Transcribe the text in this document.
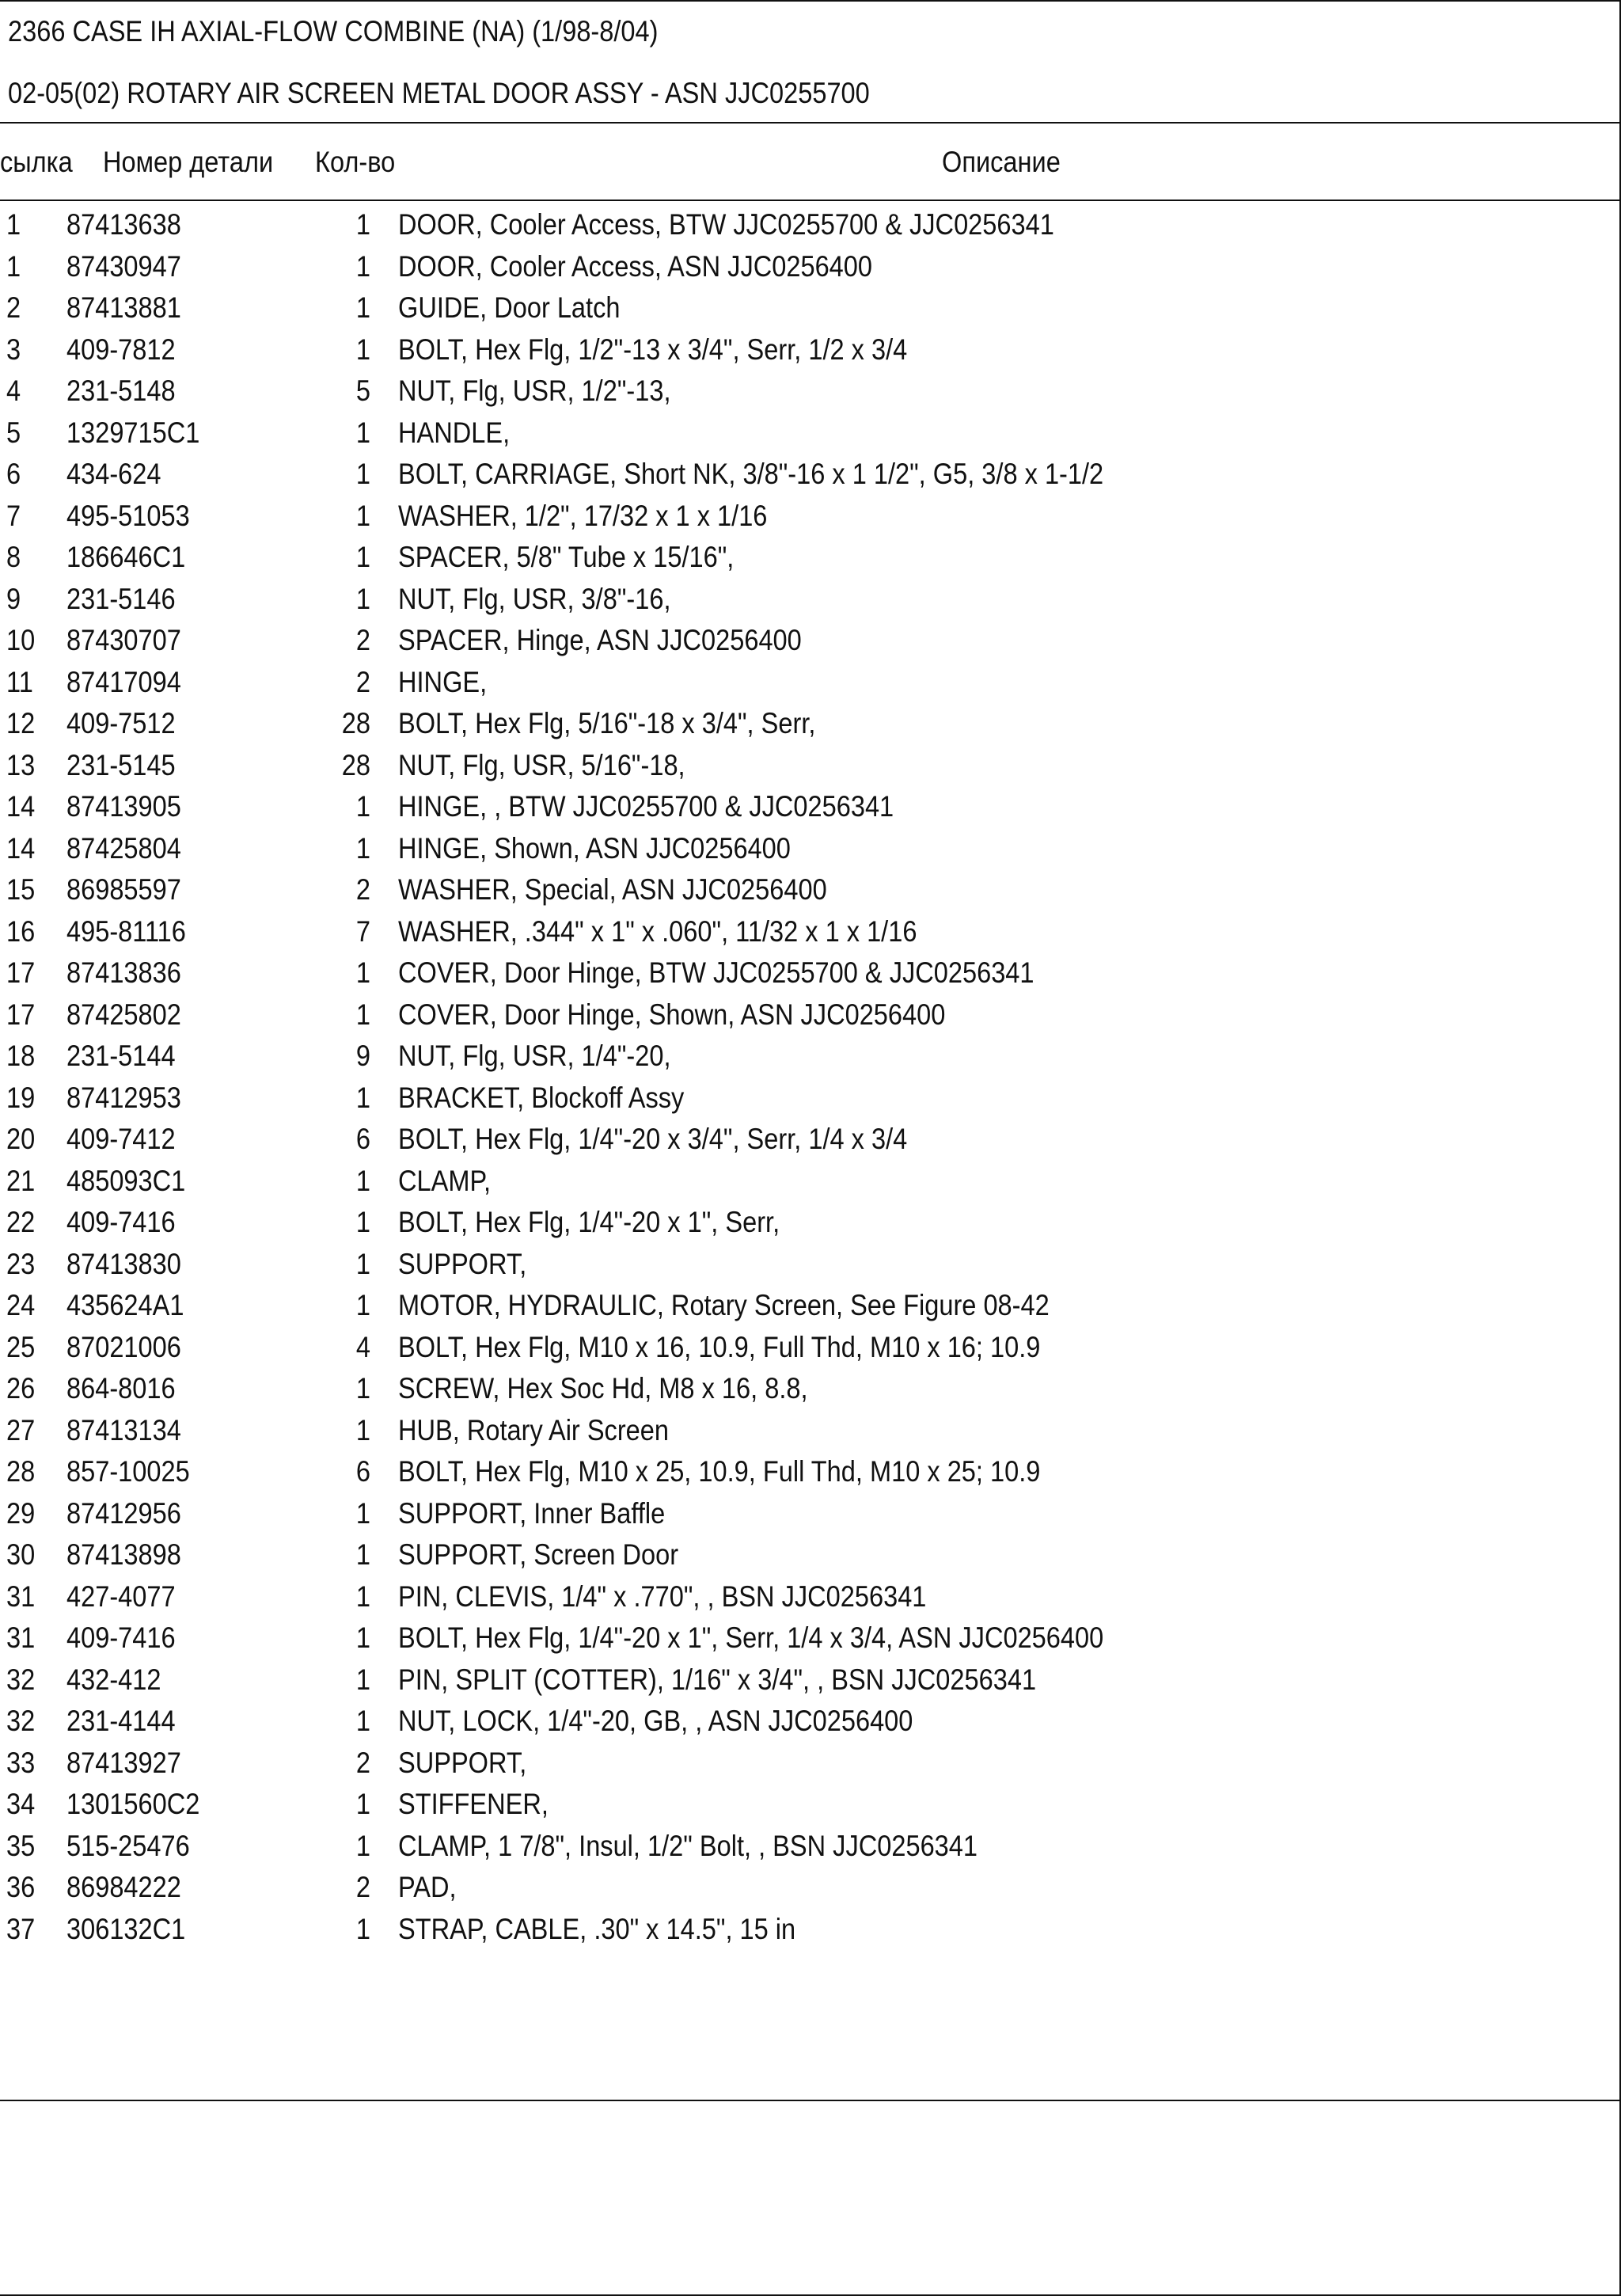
2366 CASE IH AXIAL-FLOW COMBINE (NA) (1/98-8/04)
02-05(02) ROTARY AIR SCREEN METAL DOOR ASSY - ASN JJC0255700
сылка Номер детали Кол-во	Описание
1 87413638	1 DOOR, Cooler Access, BTW JJC0255700 & JJC0256341
1 87430947	1 DOOR, Cooler Access, ASN JJC0256400
2 87413881	1 GUIDE, Door Latch
3 409-7812	1 BOLT, Hex Flg, 1/2"-13 x 3/4", Serr, 1/2 x 3/4
4 231-5148	5 NUT, Flg, USR, 1/2"-13,
5 1329715C1	1 HANDLE,
6 434-624	1 BOLT, CARRIAGE, Short NK, 3/8"-16 x 1 1/2", G5, 3/8 x 1-1/2
7 495-51053	1 WASHER, 1/2", 17/32 x 1 x 1/16
8 186646C1	1 SPACER, 5/8" Tube x 15/16",
9 231-5146	1 NUT, Flg, USR, 3/8"-16,
10 87430707	2 SPACER, Hinge, ASN JJC0256400
11 87417094	2 HINGE,
12 409-7512	28 BOLT, Hex Flg, 5/16"-18 x 3/4", Serr,
13 231-5145	28 NUT, Flg, USR, 5/16"-18,
14 87413905	1 HINGE, , BTW JJC0255700 & JJC0256341
14 87425804	1 HINGE, Shown, ASN JJC0256400
15 86985597	2 WASHER, Special, ASN JJC0256400
16 495-81116	7 WASHER, .344" x 1" x .060", 11/32 x 1 x 1/16
17 87413836	1 COVER, Door Hinge, BTW JJC0255700 & JJC0256341
17 87425802	1 COVER, Door Hinge, Shown, ASN JJC0256400
18 231-5144	9 NUT, Flg, USR, 1/4"-20,
19 87412953	1 BRACKET, Blockoff Assy
20 409-7412	6 BOLT, Hex Flg, 1/4"-20 x 3/4", Serr, 1/4 x 3/4
21 485093C1	1 CLAMP,
22 409-7416	1 BOLT, Hex Flg, 1/4"-20 x 1", Serr,
23 87413830	1 SUPPORT,
24 435624A1	1 MOTOR, HYDRAULIC, Rotary Screen, See Figure 08-42
25 87021006	4 BOLT, Hex Flg, M10 x 16, 10.9, Full Thd, M10 x 16; 10.9
26 864-8016	1 SCREW, Hex Soc Hd, M8 x 16, 8.8,
27 87413134	1 HUB, Rotary Air Screen
28 857-10025	6 BOLT, Hex Flg, M10 x 25, 10.9, Full Thd, M10 x 25; 10.9
29 87412956	1 SUPPORT, Inner Baffle
30 87413898	1 SUPPORT, Screen Door
31 427-4077	1 PIN, CLEVIS, 1/4" x .770", , BSN JJC0256341
31 409-7416	1 BOLT, Hex Flg, 1/4"-20 x 1", Serr, 1/4 x 3/4, ASN JJC0256400
32 432-412	1 PIN, SPLIT (COTTER), 1/16" x 3/4", , BSN JJC0256341
32 231-4144	1 NUT, LOCK, 1/4"-20, GB, , ASN JJC0256400
33 87413927	2 SUPPORT,
34 1301560C2	1 STIFFENER,
35 515-25476	1 CLAMP, 1 7/8", Insul, 1/2" Bolt, , BSN JJC0256341
36 86984222	2 PAD,
37 306132C1	1 STRAP, CABLE, .30" x 14.5", 15 in
